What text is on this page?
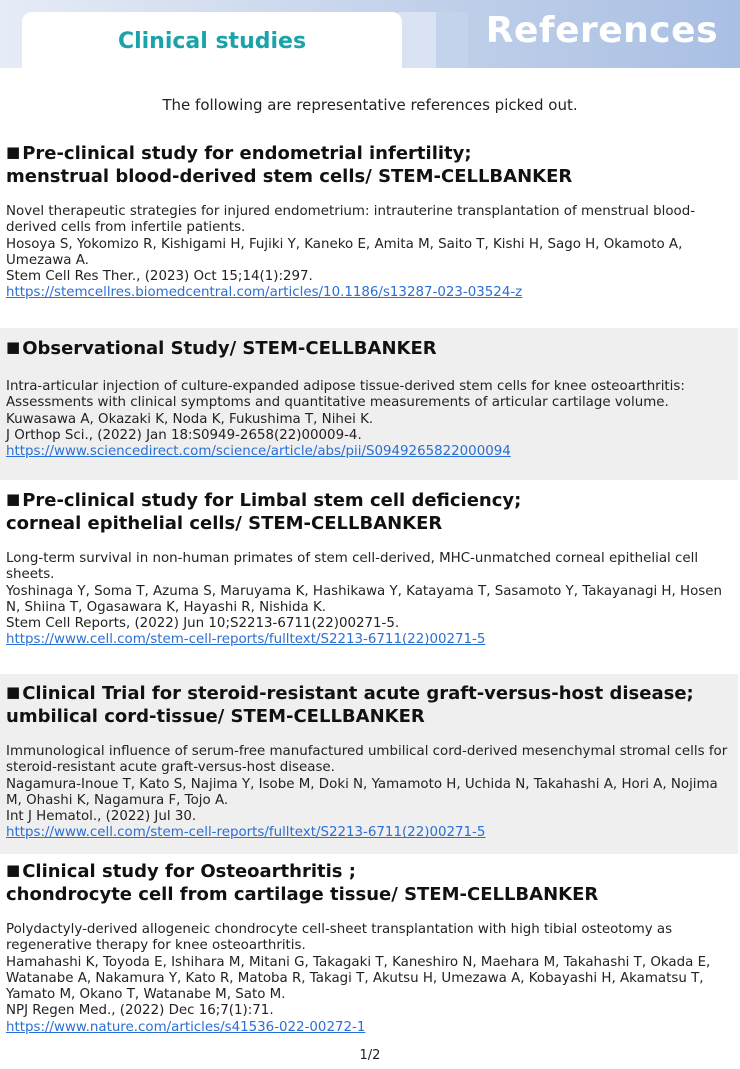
Clinical studies	References
The following are representative references picked out.
■ Pre-clinical study for endometrial infertility;
menstrual blood-derived stem cells/ STEM-CELLBANKER
Novel therapeutic strategies for injured endometrium: intrauterine transplantation of menstrual blood-derived cells from infertile patients.
Hosoya S, Yokomizo R, Kishigami H, Fujiki Y, Kaneko E, Amita M, Saito T, Kishi H, Sago H, Okamoto A, Umezawa A.
Stem Cell Res Ther., (2023) Oct 15;14(1):297.
https://stemcellres.biomedcentral.com/articles/10.1186/s13287-023-03524-z
■ Observational Study/ STEM-CELLBANKER
Intra-articular injection of culture-expanded adipose tissue-derived stem cells for knee osteoarthritis: Assessments with clinical symptoms and quantitative measurements of articular cartilage volume.
Kuwasawa A, Okazaki K, Noda K, Fukushima T, Nihei K.
J Orthop Sci., (2022) Jan 18:S0949-2658(22)00009-4.
https://www.sciencedirect.com/science/article/abs/pii/S0949265822000094
■ Pre-clinical study for Limbal stem cell deficiency;
corneal epithelial cells/ STEM-CELLBANKER
Long-term survival in non-human primates of stem cell-derived, MHC-unmatched corneal epithelial cell sheets.
Yoshinaga Y, Soma T, Azuma S, Maruyama K, Hashikawa Y, Katayama T, Sasamoto Y, Takayanagi H, Hosen N, Shiina T, Ogasawara K, Hayashi R, Nishida K.
Stem Cell Reports, (2022) Jun 10;S2213-6711(22)00271-5.
https://www.cell.com/stem-cell-reports/fulltext/S2213-6711(22)00271-5
■ Clinical Trial for steroid-resistant acute graft-versus-host disease;
umbilical cord-tissue/ STEM-CELLBANKER
Immunological influence of serum-free manufactured umbilical cord-derived mesenchymal stromal cells for steroid-resistant acute graft-versus-host disease.
Nagamura-Inoue T, Kato S, Najima Y, Isobe M, Doki N, Yamamoto H, Uchida N, Takahashi A, Hori A, Nojima M, Ohashi K, Nagamura F, Tojo A.
Int J Hematol., (2022) Jul 30.
https://www.cell.com/stem-cell-reports/fulltext/S2213-6711(22)00271-5
■ Clinical study for Osteoarthritis ;
chondrocyte cell from cartilage tissue/ STEM-CELLBANKER
Polydactyly-derived allogeneic chondrocyte cell-sheet transplantation with high tibial osteotomy as regenerative therapy for knee osteoarthritis.
Hamahashi K, Toyoda E, Ishihara M, Mitani G, Takagaki T, Kaneshiro N, Maehara M, Takahashi T, Okada E, Watanabe A, Nakamura Y, Kato R, Matoba R, Takagi T, Akutsu H, Umezawa A, Kobayashi H, Akamatsu T, Yamato M, Okano T, Watanabe M, Sato M.
NPJ Regen Med., (2022) Dec 16;7(1):71.
https://www.nature.com/articles/s41536-022-00272-1
1/2
